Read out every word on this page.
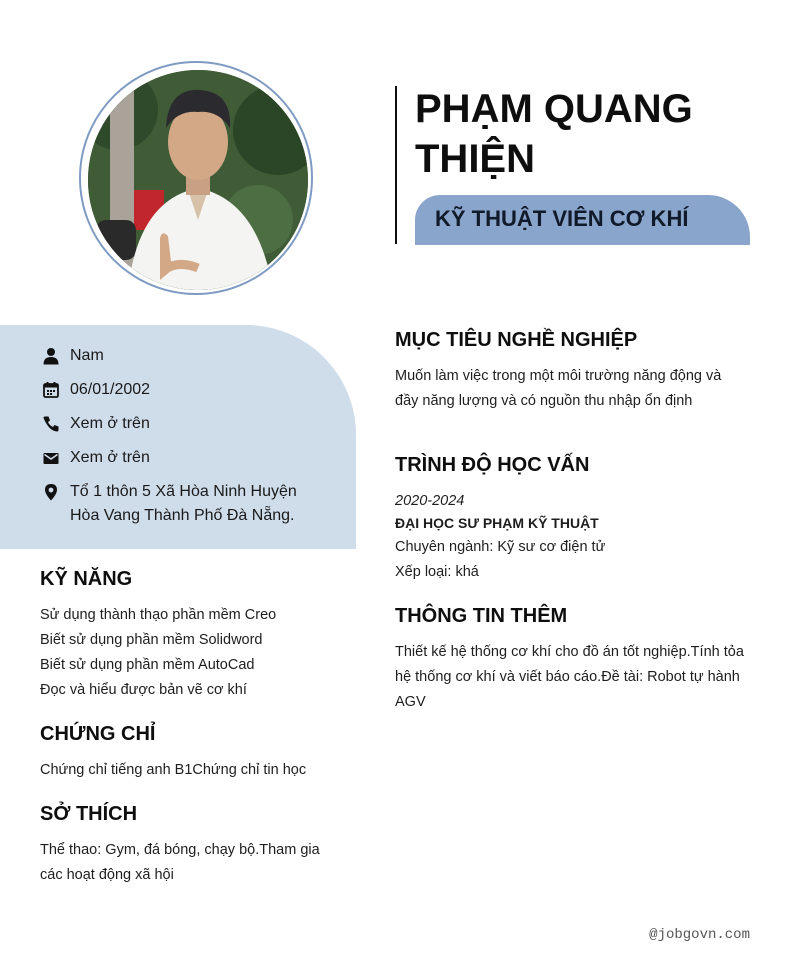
PHẠM QUANG THIỆN
KỸ THUẬT VIÊN CƠ KHÍ
Nam
06/01/2002
Xem ở trên
Xem ở trên
Tổ 1 thôn 5 Xã Hòa Ninh Huyện
Hòa Vang Thành Phố Đà Nẵng.
KỸ NĂNG

Sử dụng thành thạo phần mềm Creo

Biết sử dụng phần mềm Solidword

Biết sử dụng phần mềm AutoCad

Đọc và hiểu được bản vẽ cơ khí

CHỨNG CHỈ

Chứng chỉ tiếng anh B1Chứng chỉ tin học

SỞ THÍCH

Thể thao: Gym, đá bóng, chạy bộ.Tham gia các hoạt động xã hội

MỤC TIÊU NGHỀ NGHIỆP

Muốn làm việc trong một môi trường năng động và đầy năng lượng và có nguồn thu nhập ổn định

TRÌNH ĐỘ HỌC VẤN

2020-2024

ĐẠI HỌC SƯ PHẠM KỸ THUẬT

Chuyên ngành: Kỹ sư cơ điện tử

Xếp loại: khá

THÔNG TIN THÊM

Thiết kế hệ thống cơ khí cho đồ án tốt nghiệp.Tính tỏa hệ thống cơ khí và viết báo cáo.Đề tài: Robot tự hành AGV

@jobgovn.com
